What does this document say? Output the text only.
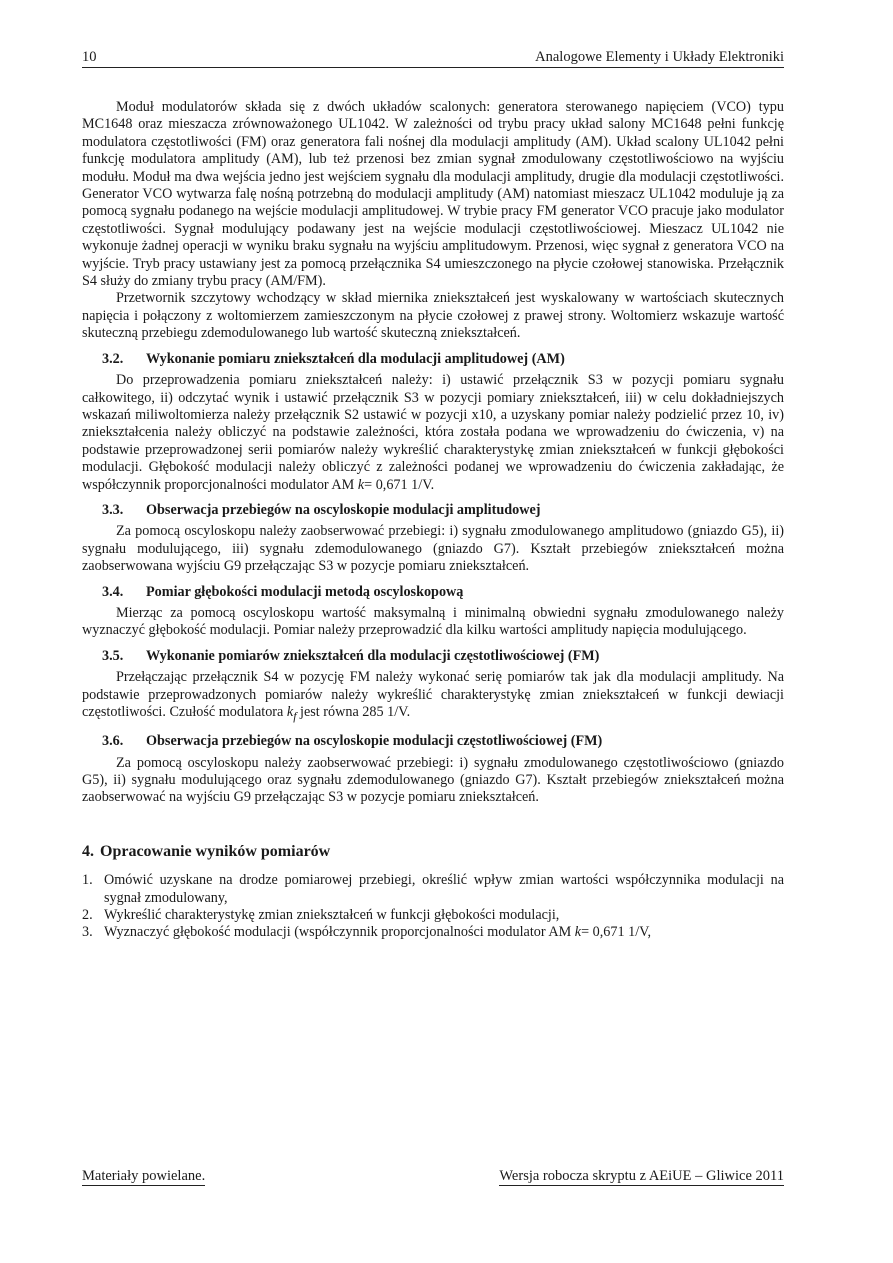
10	Analogowe Elementy i Układy Elektroniki

Moduł modulatorów składa się z dwóch układów scalonych: generatora sterowanego napięciem (VCO) typu MC1648 oraz mieszacza zrównoważonego UL1042. W zależności od trybu pracy układ salony MC1648 pełni funkcję modulatora częstotliwości (FM) oraz generatora fali nośnej dla modulacji amplitudy (AM). Układ scalony UL1042 pełni funkcję modulatora amplitudy (AM), lub też przenosi bez zmian sygnał zmodulowany częstotliwościowo na wyjściu modułu. Moduł ma dwa wejścia jedno jest wejściem sygnału dla modulacji amplitudy, drugie dla modulacji częstotliwości. Generator VCO wytwarza falę nośną potrzebną do modulacji amplitudy (AM) natomiast mieszacz UL1042 moduluje ją za pomocą sygnału podanego na wejście modulacji amplitudowej. W trybie pracy FM generator VCO pracuje jako modulator częstotliwości. Sygnał modulujący podawany jest na wejście modulacji częstotliwościowej. Mieszacz UL1042 nie wykonuje żadnej operacji w wyniku braku sygnału na wyjściu amplitudowym. Przenosi, więc sygnał z generatora VCO na wyjście. Tryb pracy ustawiany jest za pomocą przełącznika S4 umieszczonego na płycie czołowej stanowiska. Przełącznik S4 służy do zmiany trybu pracy (AM/FM).

Przetwornik szczytowy wchodzący w skład miernika zniekształceń jest wyskalowany w wartościach skutecznych napięcia i połączony z woltomierzem zamieszczonym na płycie czołowej z prawej strony. Woltomierz wskazuje wartość skuteczną przebiegu zdemodulowanego lub wartość skuteczną zniekształceń.

3.2. Wykonanie pomiaru zniekształceń dla modulacji amplitudowej (AM)

Do przeprowadzenia pomiaru zniekształceń należy: i) ustawić przełącznik S3 w pozycji pomiaru sygnału całkowitego, ii) odczytać wynik i ustawić przełącznik S3 w pozycji pomiary zniekształceń, iii) w celu dokładniejszych wskazań miliwoltomierza należy przełącznik S2 ustawić w pozycji x10, a uzyskany pomiar należy podzielić przez 10, iv) zniekształcenia należy obliczyć na podstawie zależności, która została podana we wprowadzeniu do ćwiczenia, v) na podstawie przeprowadzonej serii pomiarów należy wykreślić charakterystykę zmian zniekształceń w funkcji głębokości modulacji. Głębokość modulacji należy obliczyć z zależności podanej we wprowadzeniu do ćwiczenia zakładając, że współczynnik proporcjonalności modulator AM k= 0,671 1/V.

3.3. Obserwacja przebiegów na oscyloskopie modulacji amplitudowej

Za pomocą oscyloskopu należy zaobserwować przebiegi: i) sygnału zmodulowanego amplitudowo (gniazdo G5), ii) sygnału modulującego, iii) sygnału zdemodulowanego (gniazdo G7). Kształt przebiegów zniekształceń można zaobserwowana wyjściu G9 przełączając S3 w pozycje pomiaru zniekształceń.

3.4. Pomiar głębokości modulacji metodą oscyloskopową

Mierząc za pomocą oscyloskopu wartość maksymalną i minimalną obwiedni sygnału zmodulowanego należy wyznaczyć głębokość modulacji. Pomiar należy przeprowadzić dla kilku wartości amplitudy napięcia modulującego.

3.5. Wykonanie pomiarów zniekształceń dla modulacji częstotliwościowej (FM)

Przełączając przełącznik S4 w pozycję FM należy wykonać serię pomiarów tak jak dla modulacji amplitudy. Na podstawie przeprowadzonych pomiarów należy wykreślić charakterystykę zmian zniekształceń w funkcji dewiacji częstotliwości. Czułość modulatora $k_f$ jest równa 285 1/V.

3.6. Obserwacja przebiegów na oscyloskopie modulacji częstotliwościowej (FM)

Za pomocą oscyloskopu należy zaobserwować przebiegi: i) sygnału zmodulowanego częstotliwościowo (gniazdo G5), ii) sygnału modulującego oraz sygnału zdemodulowanego (gniazdo G7). Kształt przebiegów zniekształceń można zaobserwować na wyjściu G9 przełączając S3 w pozycje pomiaru zniekształceń.

4. Opracowanie wyników pomiarów
1. Omówić uzyskane na drodze pomiarowej przebiegi, określić wpływ zmian wartości współczynnika modulacji na sygnał zmodulowany,
2. Wykreślić charakterystykę zmian zniekształceń w funkcji głębokości modulacji,
3. Wyznaczyć głębokość modulacji (współczynnik proporcjonalności modulator AM k= 0,671 1/V,
Materiały powielane.	Wersja robocza skryptu z AEiUE – Gliwice 2011
